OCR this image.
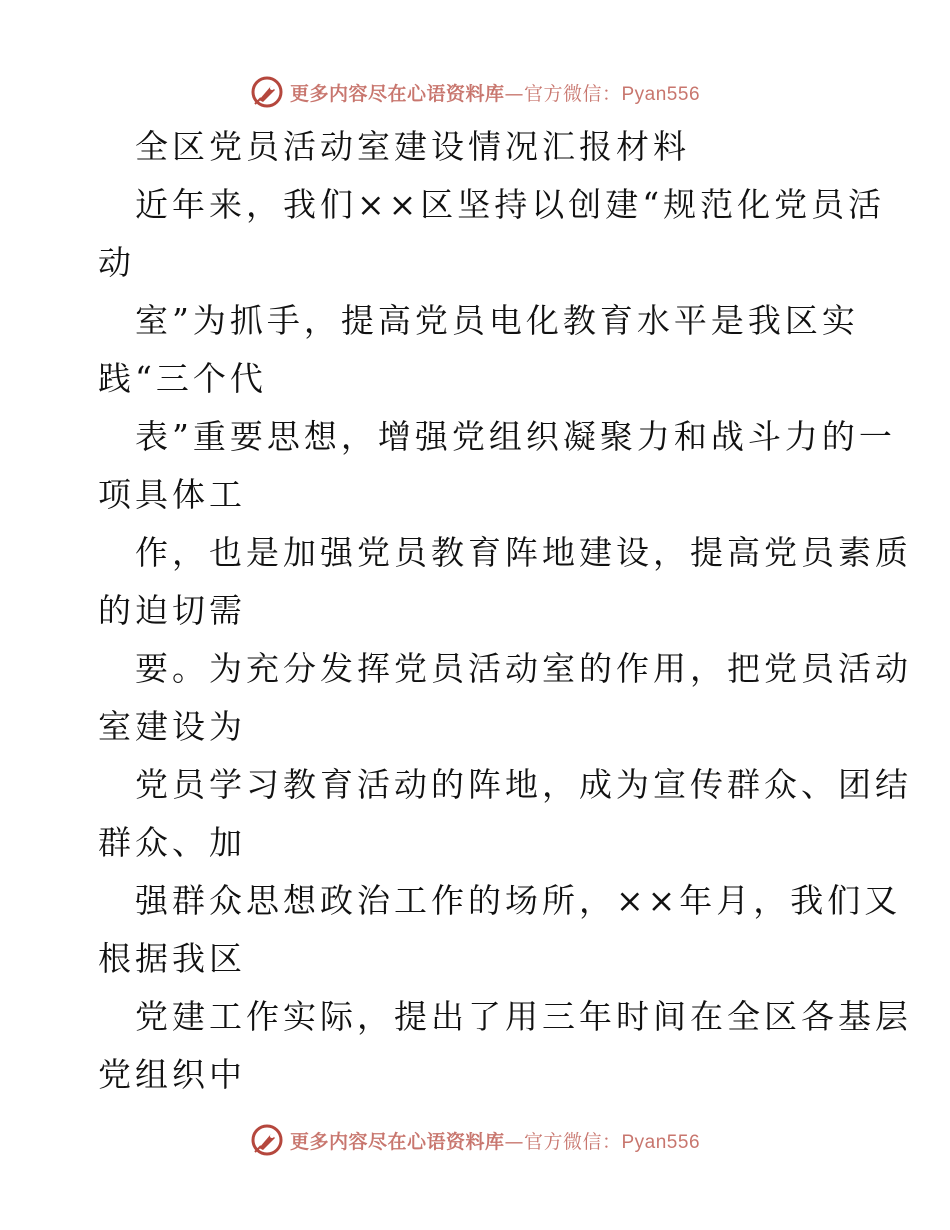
更多内容尽在心语资料库—官方微信：Pyan556
全区党员活动室建设情况汇报材料
近年来，我们××区坚持以创建“规范化党员活
动
室”为抓手，提高党员电化教育水平是我区实
践“三个代
表”重要思想，增强党组织凝聚力和战斗力的一
项具体工
作，也是加强党员教育阵地建设，提高党员素质
的迫切需
要。为充分发挥党员活动室的作用，把党员活动
室建设为
党员学习教育活动的阵地，成为宣传群众、团结
群众、加
强群众思想政治工作的场所，××年月，我们又
根据我区
党建工作实际，提出了用三年时间在全区各基层
党组织中
更多内容尽在心语资料库—官方微信：Pyan556
